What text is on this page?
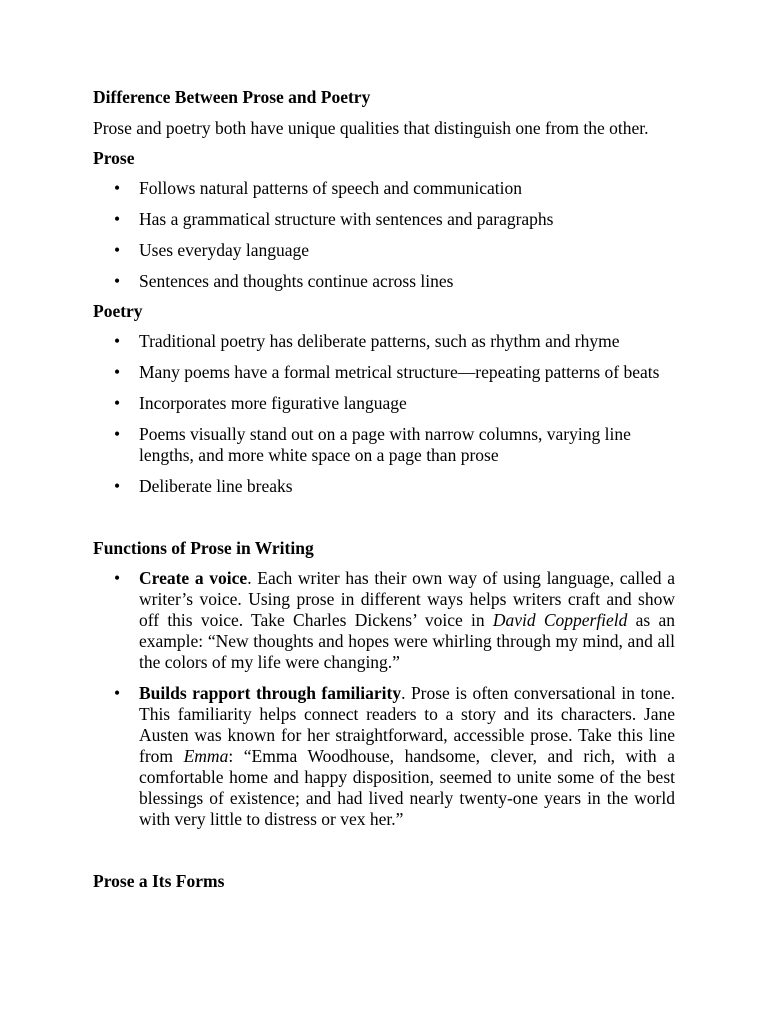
Difference Between Prose and Poetry

Prose and poetry both have unique qualities that distinguish one from the other.

Prose
• Follows natural patterns of speech and communication
• Has a grammatical structure with sentences and paragraphs
• Uses everyday language
• Sentences and thoughts continue across lines
Poetry
• Traditional poetry has deliberate patterns, such as rhythm and rhyme
• Many poems have a formal metrical structure—repeating patterns of beats
• Incorporates more figurative language
• Poems visually stand out on a page with narrow columns, varying line lengths, and more white space on a page than prose
• Deliberate line breaks
Functions of Prose in Writing
• Create a voice. Each writer has their own way of using language, called a writer’s voice. Using prose in different ways helps writers craft and show off this voice. Take Charles Dickens’ voice in David Copperfield as an example: “New thoughts and hopes were whirling through my mind, and all the colors of my life were changing.”
• Builds rapport through familiarity. Prose is often conversational in tone. This familiarity helps connect readers to a story and its characters. Jane Austen was known for her straightforward, accessible prose. Take this line from Emma: “Emma Woodhouse, handsome, clever, and rich, with a comfortable home and happy disposition, seemed to unite some of the best blessings of existence; and had lived nearly twenty-one years in the world with very little to distress or vex her.”
Prose a Its Forms
